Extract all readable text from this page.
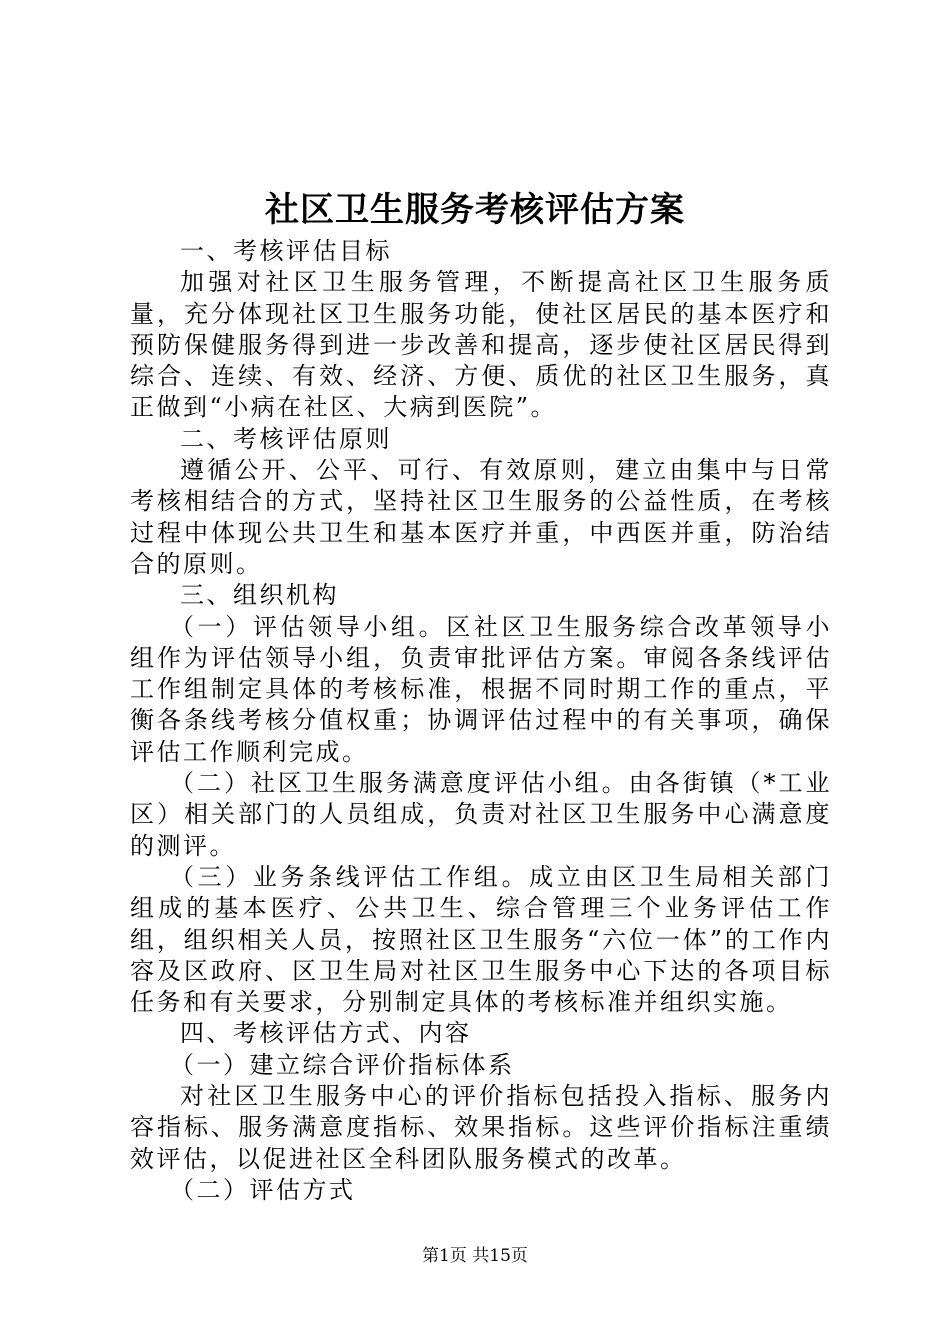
社区卫生服务考核评估方案

一、考核评估目标

加强对社区卫生服务管理，不断提高社区卫生服务质量，充分体现社区卫生服务功能，使社区居民的基本医疗和预防保健服务得到进一步改善和提高，逐步使社区居民得到综合、连续、有效、经济、方便、质优的社区卫生服务，真正做到“小病在社区、大病到医院”。

二、考核评估原则

遵循公开、公平、可行、有效原则，建立由集中与日常考核相结合的方式，坚持社区卫生服务的公益性质，在考核过程中体现公共卫生和基本医疗并重，中西医并重，防治结合的原则。

三、组织机构

（一）评估领导小组。区社区卫生服务综合改革领导小组作为评估领导小组，负责审批评估方案。审阅各条线评估工作组制定具体的考核标准，根据不同时期工作的重点，平衡各条线考核分值权重；协调评估过程中的有关事项，确保评估工作顺利完成。

（二）社区卫生服务满意度评估小组。由各街镇（*工业区）相关部门的人员组成，负责对社区卫生服务中心满意度的测评。

（三）业务条线评估工作组。成立由区卫生局相关部门组成的基本医疗、公共卫生、综合管理三个业务评估工作组，组织相关人员，按照社区卫生服务“六位一体”的工作内容及区政府、区卫生局对社区卫生服务中心下达的各项目标任务和有关要求，分别制定具体的考核标准并组织实施。

四、考核评估方式、内容

（一）建立综合评价指标体系

对社区卫生服务中心的评价指标包括投入指标、服务内容指标、服务满意度指标、效果指标。这些评价指标注重绩效评估，以促进社区全科团队服务模式的改革。

（二）评估方式

第1页 共15页
